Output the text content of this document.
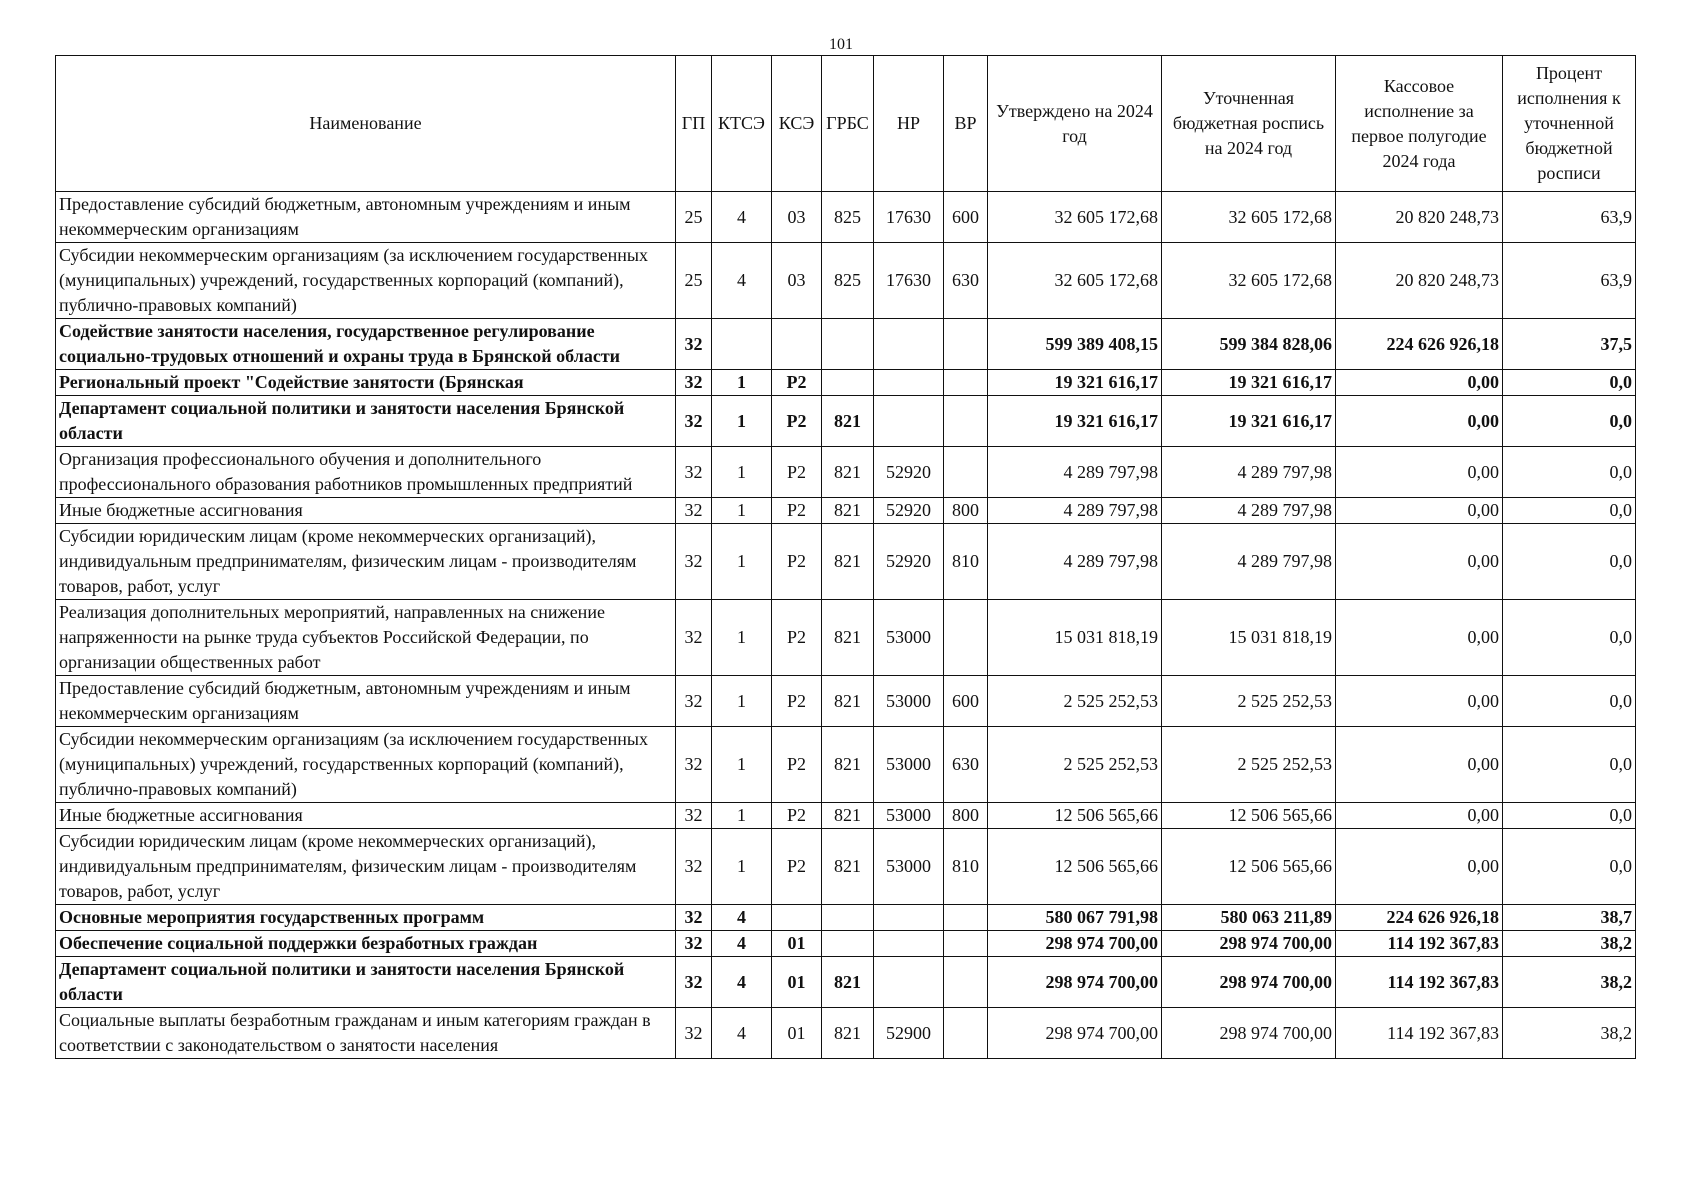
101
Наименование	ГП	КТСЭ	КСЭ	ГРБС	НР	ВР	Утверждено на 2024 год	Уточненная бюджетная роспись на 2024 год	Кассовое исполнение за первое полугодие 2024 года	Процент исполнения к уточненной бюджетной росписи
Предоставление субсидий бюджетным, автономным учреждениям и иным некоммерческим организациям	25	4	03	825	17630	600	32 605 172,68	32 605 172,68	20 820 248,73	63,9
Субсидии некоммерческим организациям (за исключением государственных (муниципальных) учреждений, государственных корпораций (компаний), публично-правовых компаний)	25	4	03	825	17630	630	32 605 172,68	32 605 172,68	20 820 248,73	63,9
Содействие занятости населения, государственное регулирование социально-трудовых отношений и охраны труда в Брянской области	32						599 389 408,15	599 384 828,06	224 626 926,18	37,5
Региональный проект "Содействие занятости (Брянская	32	1	Р2				19 321 616,17	19 321 616,17	0,00	0,0
Департамент социальной политики и занятости населения Брянской области	32	1	Р2	821			19 321 616,17	19 321 616,17	0,00	0,0
Организация профессионального обучения и дополнительного профессионального образования работников промышленных предприятий	32	1	Р2	821	52920		4 289 797,98	4 289 797,98	0,00	0,0
Иные бюджетные ассигнования	32	1	Р2	821	52920	800	4 289 797,98	4 289 797,98	0,00	0,0
Субсидии юридическим лицам (кроме некоммерческих организаций), индивидуальным предпринимателям, физическим лицам - производителям товаров, работ, услуг	32	1	Р2	821	52920	810	4 289 797,98	4 289 797,98	0,00	0,0
Реализация дополнительных мероприятий, направленных на снижение напряженности на рынке труда субъектов Российской Федерации, по организации общественных работ	32	1	Р2	821	53000		15 031 818,19	15 031 818,19	0,00	0,0
Предоставление субсидий бюджетным, автономным учреждениям и иным некоммерческим организациям	32	1	Р2	821	53000	600	2 525 252,53	2 525 252,53	0,00	0,0
Субсидии некоммерческим организациям (за исключением государственных (муниципальных) учреждений, государственных корпораций (компаний), публично-правовых компаний)	32	1	Р2	821	53000	630	2 525 252,53	2 525 252,53	0,00	0,0
Иные бюджетные ассигнования	32	1	Р2	821	53000	800	12 506 565,66	12 506 565,66	0,00	0,0
Субсидии юридическим лицам (кроме некоммерческих организаций), индивидуальным предпринимателям, физическим лицам - производителям товаров, работ, услуг	32	1	Р2	821	53000	810	12 506 565,66	12 506 565,66	0,00	0,0
Основные мероприятия государственных программ	32	4					580 067 791,98	580 063 211,89	224 626 926,18	38,7
Обеспечение социальной поддержки безработных граждан	32	4	01				298 974 700,00	298 974 700,00	114 192 367,83	38,2
Департамент социальной политики и занятости населения Брянской области	32	4	01	821			298 974 700,00	298 974 700,00	114 192 367,83	38,2
Социальные выплаты безработным гражданам и иным категориям граждан в соответствии с законодательством о занятости населения	32	4	01	821	52900		298 974 700,00	298 974 700,00	114 192 367,83	38,2
